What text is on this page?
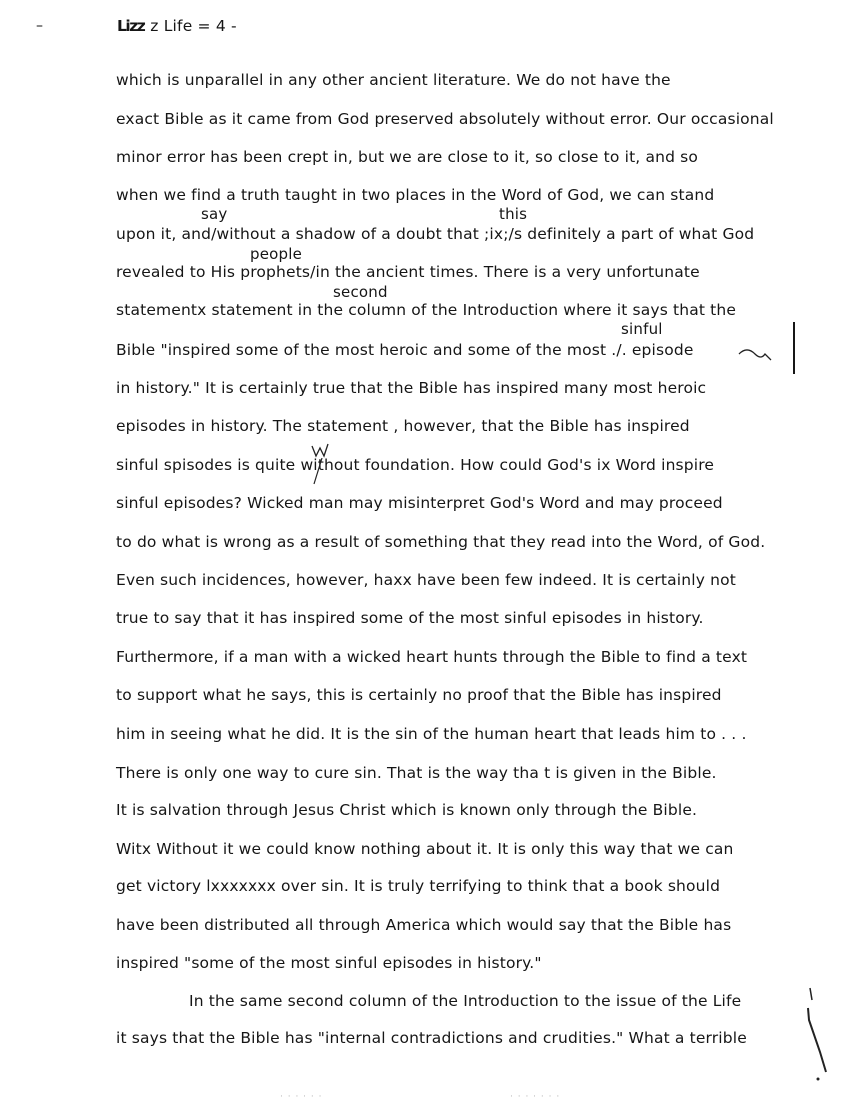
–	Lizz z Life = 4 -
say	this
people
second
sinful
which is unparallel in any other ancient literature. We do not have the
exact Bible as it came from God preserved absolutely without error. Our occasional
minor error has been crept in, but we are close to it, so close to it, and so
when we find a truth taught in two places in the Word of God, we can stand
upon it, and/without a shadow of a doubt that ;ix;/s definitely a part of what God
revealed to His prophets/in the ancient times. There is a very unfortunate
statementx statement in the column of the Introduction where it says that the
Bible "inspired some of the most heroic and some of the most ./. episode
in history." It is certainly true that the Bible has inspired many most heroic
episodes in history. The statement , however, that the Bible has inspired
sinful spisodes is quite without foundation. How could God's ix Word inspire
sinful episodes? Wicked man may misinterpret God's Word and may proceed
to do what is wrong as a result of something that they read into the Word, of God.
Even such incidences, however, haxx have been few indeed. It is certainly not
true to say that it has inspired some of the most sinful episodes in history.
Furthermore, if a man with a wicked heart hunts through the Bible to find a text
to support what he says, this is certainly no proof that the Bible has inspired
him in seeing what he did. It is the sin of the human heart that leads him to . . .
There is only one way to cure sin. That is the way tha t is given in the Bible.
It is salvation through Jesus Christ which is known only through the Bible.
Witx Without it we could know nothing about it. It is only this way that we can
get victory lxxxxxxx over sin. It is truly terrifying to think that a book should
have been distributed all through America which would say that the Bible has
inspired "some of the most sinful episodes in history."
In the same second column of the Introduction to the issue of the Life
it says that the Bible has "internal contradictions and crudities." What a terrible
· · · · · ·	· · · · · · ·
